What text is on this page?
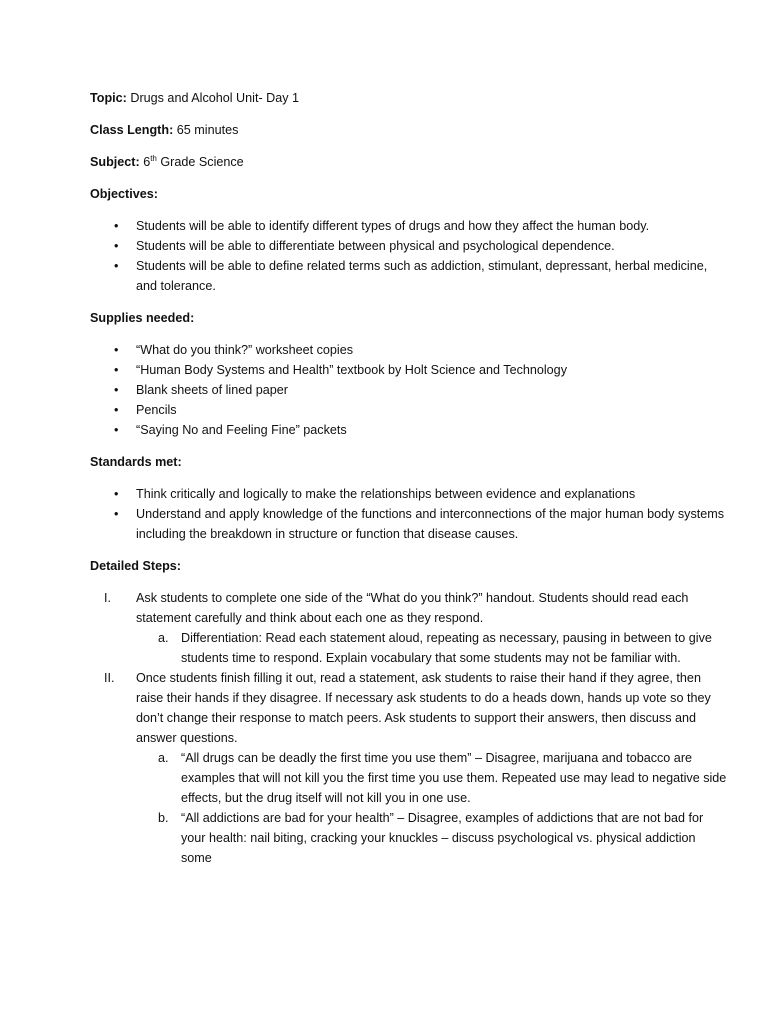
Topic: Drugs and Alcohol Unit- Day 1
Class Length: 65 minutes
Subject: 6th Grade Science
Objectives:
• Students will be able to identify different types of drugs and how they affect the human body.
• Students will be able to differentiate between physical and psychological dependence.
• Students will be able to define related terms such as addiction, stimulant, depressant, herbal medicine, and tolerance.
Supplies needed:
• “What do you think?” worksheet copies
• “Human Body Systems and Health” textbook by Holt Science and Technology
• Blank sheets of lined paper
• Pencils
• “Saying No and Feeling Fine” packets
Standards met:
• Think critically and logically to make the relationships between evidence and explanations
• Understand and apply knowledge of the functions and interconnections of the major human body systems including the breakdown in structure or function that disease causes.
Detailed Steps:
I. Ask students to complete one side of the “What do you think?” handout. Students should read each statement carefully and think about each one as they respond.
a. Differentiation: Read each statement aloud, repeating as necessary, pausing in between to give students time to respond. Explain vocabulary that some students may not be familiar with.
II. Once students finish filling it out, read a statement, ask students to raise their hand if they agree, then raise their hands if they disagree. If necessary ask students to do a heads down, hands up vote so they don’t change their response to match peers. Ask students to support their answers, then discuss and answer questions.
a. “All drugs can be deadly the first time you use them” – Disagree, marijuana and tobacco are examples that will not kill you the first time you use them. Repeated use may lead to negative side effects, but the drug itself will not kill you in one use.
b. “All addictions are bad for your health” – Disagree, examples of addictions that are not bad for your health: nail biting, cracking your knuckles – discuss psychological vs. physical addiction some
